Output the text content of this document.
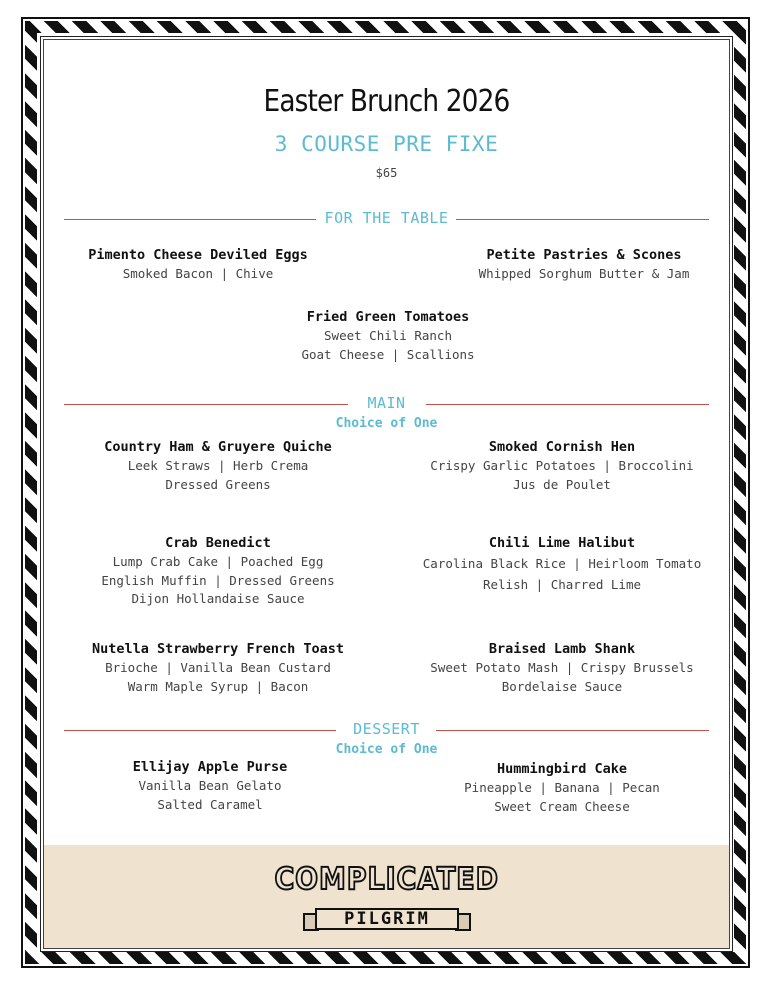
Easter Brunch 2026
3 COURSE PRE FIXE
$65
FOR THE TABLE
Pimento Cheese Deviled Eggs
Smoked Bacon | Chive
Petite Pastries & Scones
Whipped Sorghum Butter & Jam
Fried Green Tomatoes
Sweet Chili Ranch
Goat Cheese | Scallions
MAIN
Choice of One
Country Ham & Gruyere Quiche
Leek Straws | Herb Crema
Dressed Greens
Smoked Cornish Hen
Crispy Garlic Potatoes | Broccolini
Jus de Poulet
Crab Benedict
Lump Crab Cake | Poached Egg
English Muffin | Dressed Greens
Dijon Hollandaise Sauce
Chili Lime Halibut
Carolina Black Rice | Heirloom Tomato
Relish | Charred Lime
Nutella Strawberry French Toast
Brioche | Vanilla Bean Custard
Warm Maple Syrup | Bacon
Braised Lamb Shank
Sweet Potato Mash | Crispy Brussels
Bordelaise Sauce
DESSERT
Choice of One
Ellijay Apple Purse
Vanilla Bean Gelato
Salted Caramel
Hummingbird Cake
Pineapple | Banana | Pecan
Sweet Cream Cheese
COMPLICATED
PILGRIM
